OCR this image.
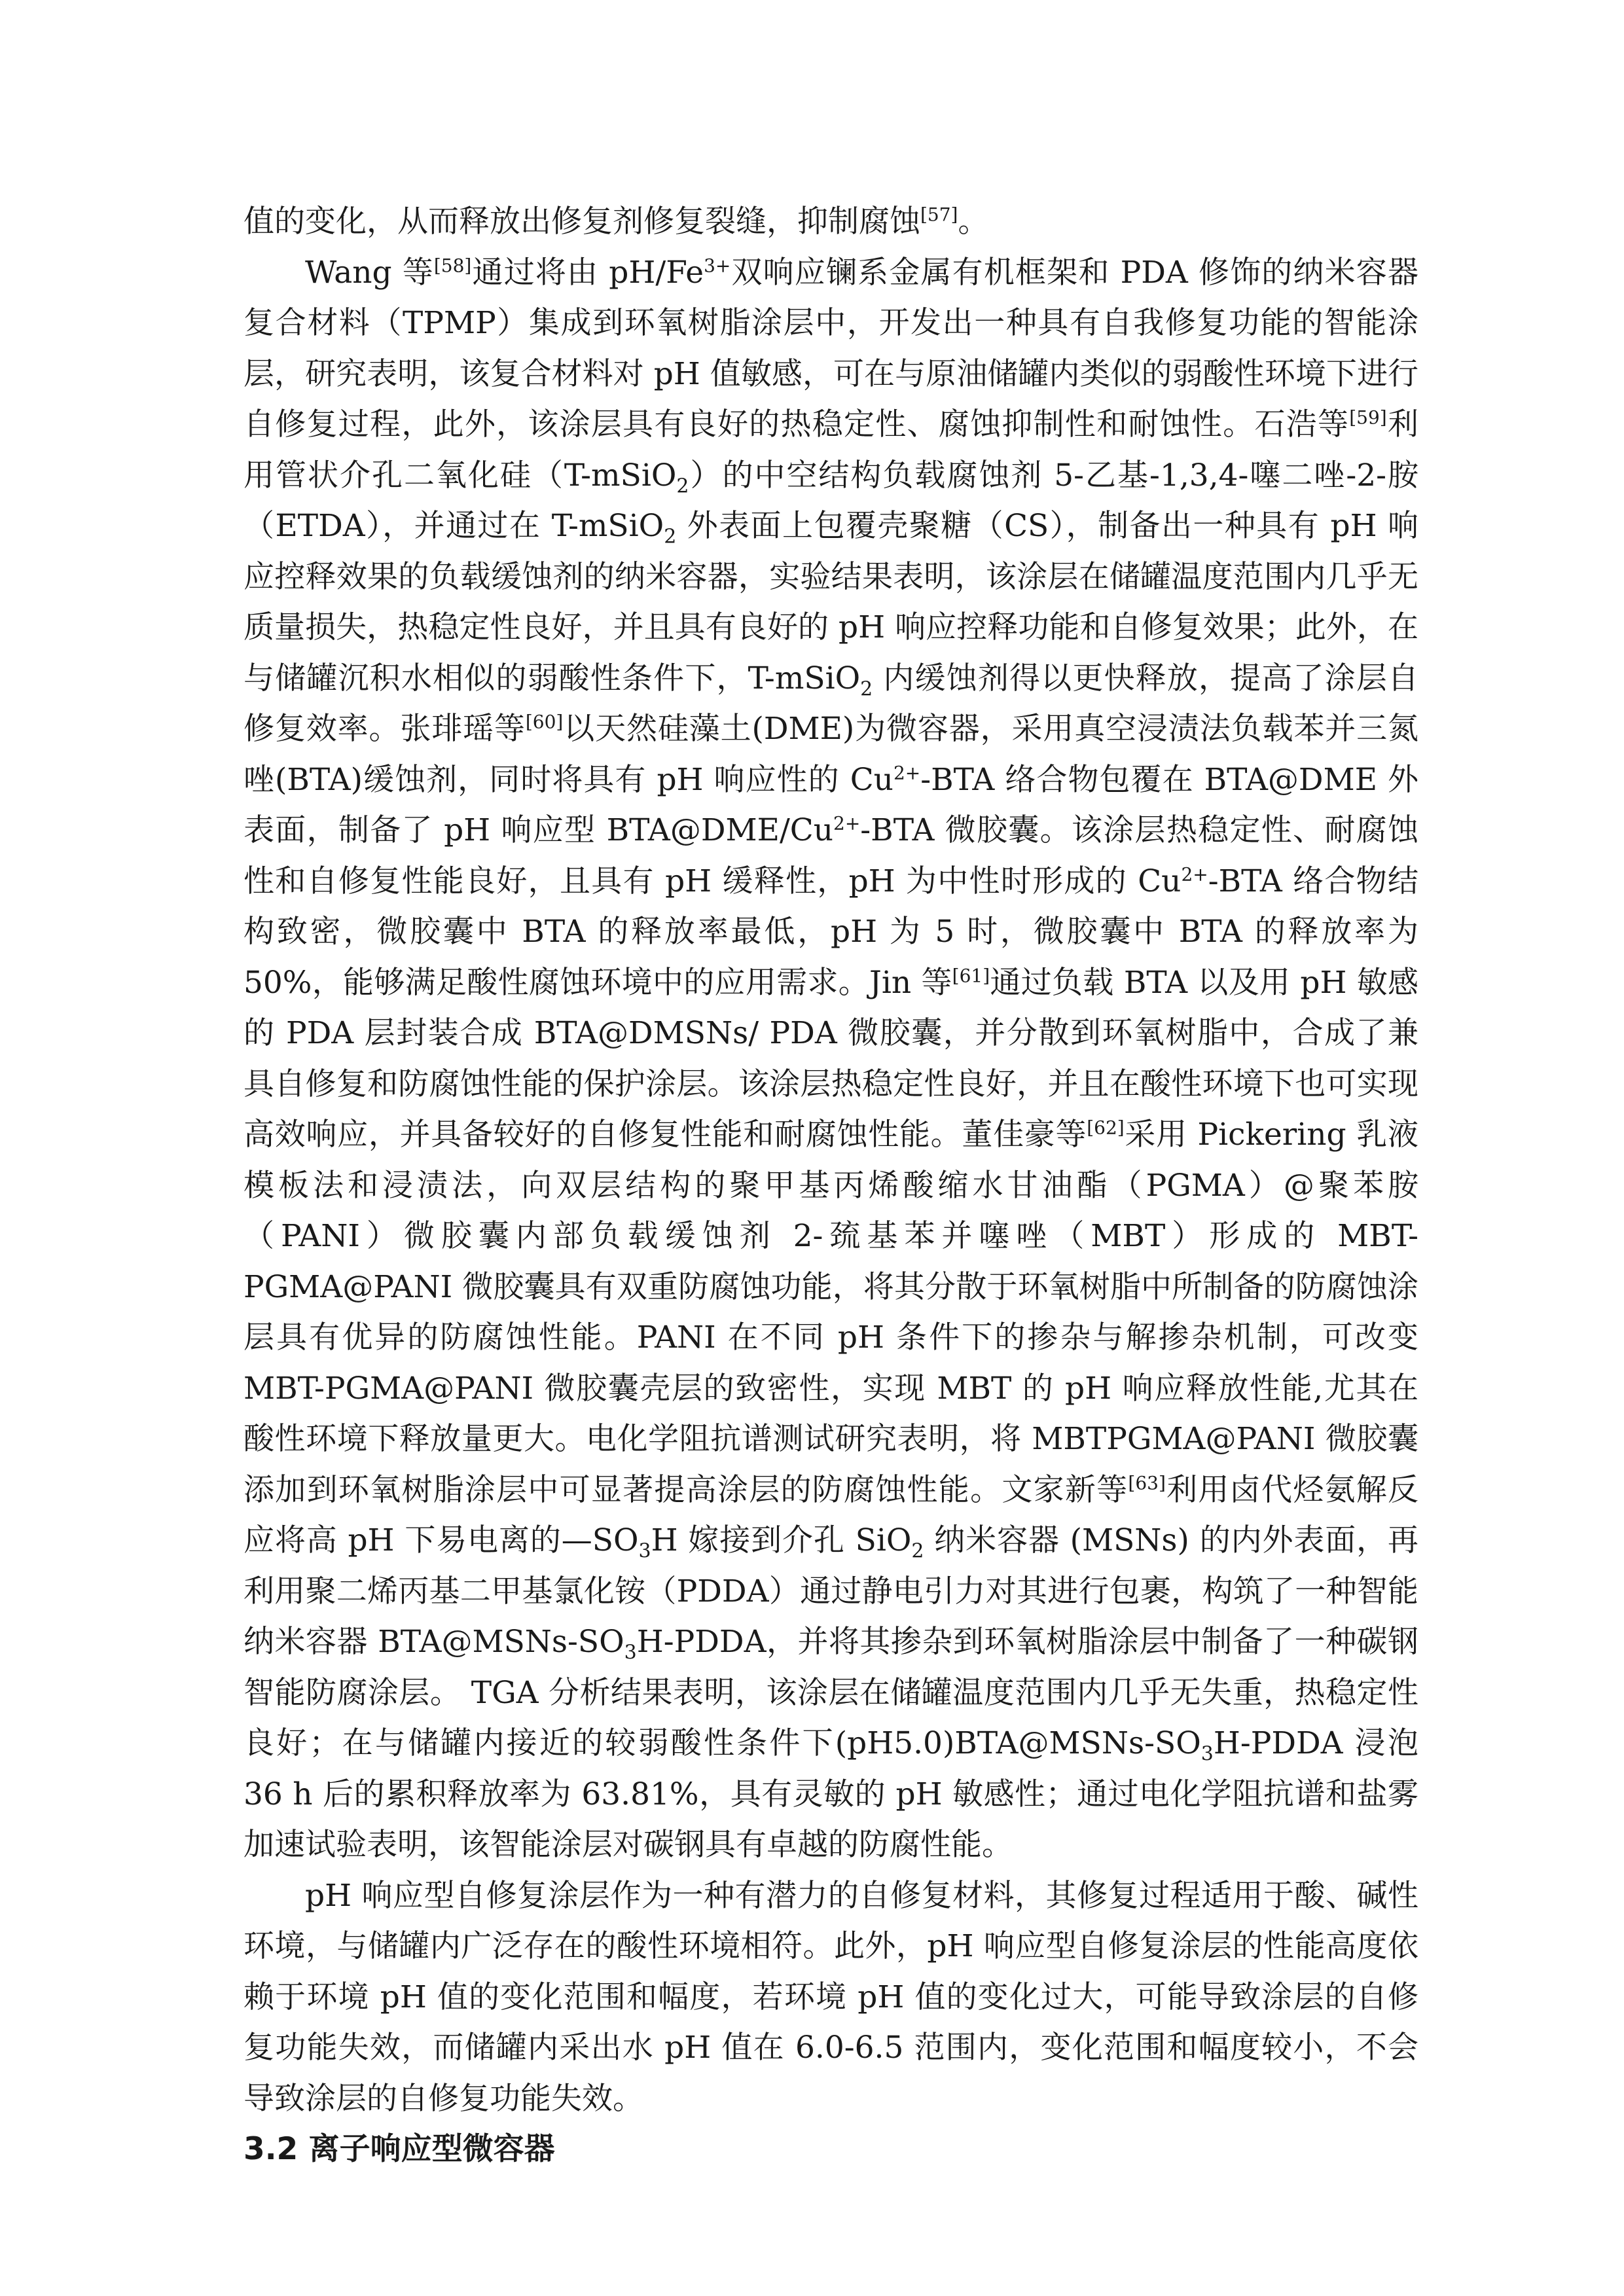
值的变化，从而释放出修复剂修复裂缝，抑制腐蚀[57]。

Wang 等[58]通过将由 $pH/Fe^{3+}$双响应镧系金属有机框架和 PDA 修饰的纳米容器复合材料（TPMP）集成到环氧树脂涂层中，开发出一种具有自我修复功能的智能涂层，研究表明，该复合材料对 pH 值敏感，可在与原油储罐内类似的弱酸性环境下进行自修复过程，此外，该涂层具有良好的热稳定性、腐蚀抑制性和耐蚀性。石浩等[59]利用管状介孔二氧化硅（T-mSiO$_2$）的中空结构负载腐蚀剂 5-乙基-1,3,4-噻二唑-2-胺（ETDA），并通过在 T-mSiO$_2$ 外表面上包覆壳聚糖（CS），制备出一种具有 pH 响应控释效果的负载缓蚀剂的纳米容器，实验结果表明，该涂层在储罐温度范围内几乎无质量损失，热稳定性良好，并且具有良好的 pH 响应控释功能和自修复效果；此外，在与储罐沉积水相似的弱酸性条件下，T-mSiO$_2$ 内缓蚀剂得以更快释放，提高了涂层自修复效率。张琲瑶等[60]以天然硅藻土(DME)为微容器，采用真空浸渍法负载苯并三氮唑(BTA)缓蚀剂，同时将具有 pH 响应性的 $Cu^{2+}$-BTA 络合物包覆在 BTA@DME 外表面，制备了 pH 响应型 $BTA@DME/Cu^{2+}$-BTA 微胶囊。该涂层热稳定性、耐腐蚀性和自修复性能良好，且具有 pH 缓释性，pH 为中性时形成的 $Cu^{2+}$-BTA 络合物结构致密，微胶囊中 BTA 的释放率最低，pH 为 5 时，微胶囊中 BTA 的释放率为 50%，能够满足酸性腐蚀环境中的应用需求。Jin 等[61]通过负载 BTA 以及用 pH 敏感的 PDA 层封装合成 BTA@DMSNs/ PDA 微胶囊，并分散到环氧树脂中，合成了兼具自修复和防腐蚀性能的保护涂层。该涂层热稳定性良好，并且在酸性环境下也可实现高效响应，并具备较好的自修复性能和耐腐蚀性能。董佳豪等[62]采用 Pickering 乳液模板法和浸渍法，向双层结构的聚甲基丙烯酸缩水甘油酯（PGMA）@聚苯胺（PANI）微胶囊内部负载缓蚀剂 2-巯基苯并噻唑（MBT）形成的 MBT-PGMA@PANI 微胶囊具有双重防腐蚀功能，将其分散于环氧树脂中所制备的防腐蚀涂层具有优异的防腐蚀性能。PANI 在不同 pH 条件下的掺杂与解掺杂机制，可改变 MBT-PGMA@PANI 微胶囊壳层的致密性，实现 MBT 的 pH 响应释放性能,尤其在酸性环境下释放量更大。电化学阻抗谱测试研究表明，将 MBTPGMA@PANI 微胶囊添加到环氧树脂涂层中可显著提高涂层的防腐蚀性能。文家新等[63]利用卤代烃氨解反应将高 pH 下易电离的$—SO_3H$ 嫁接到介孔 SiO$_2$ 纳米容器 (MSNs) 的内外表面，再利用聚二烯丙基二甲基氯化铵（PDDA）通过静电引力对其进行包裹，构筑了一种智能纳米容器 $BTA@MSNs-SO_3H$-PDDA，并将其掺杂到环氧树脂涂层中制备了一种碳钢智能防腐涂层。 TGA 分析结果表明，该涂层在储罐温度范围内几乎无失重，热稳定性良好；在与储罐内接近的较弱酸性条件下$(pH5.0)BTA@MSNs-SO_3H$-PDDA 浸泡 36 h 后的累积释放率为 63.81%，具有灵敏的 pH 敏感性；通过电化学阻抗谱和盐雾加速试验表明，该智能涂层对碳钢具有卓越的防腐性能。

pH 响应型自修复涂层作为一种有潜力的自修复材料，其修复过程适用于酸、碱性环境，与储罐内广泛存在的酸性环境相符。此外，pH 响应型自修复涂层的性能高度依赖于环境 pH 值的变化范围和幅度，若环境 pH 值的变化过大，可能导致涂层的自修复功能失效，而储罐内采出水 pH 值在 6.0-6.5 范围内，变化范围和幅度较小，不会导致涂层的自修复功能失效。

3.2 离子响应型微容器
